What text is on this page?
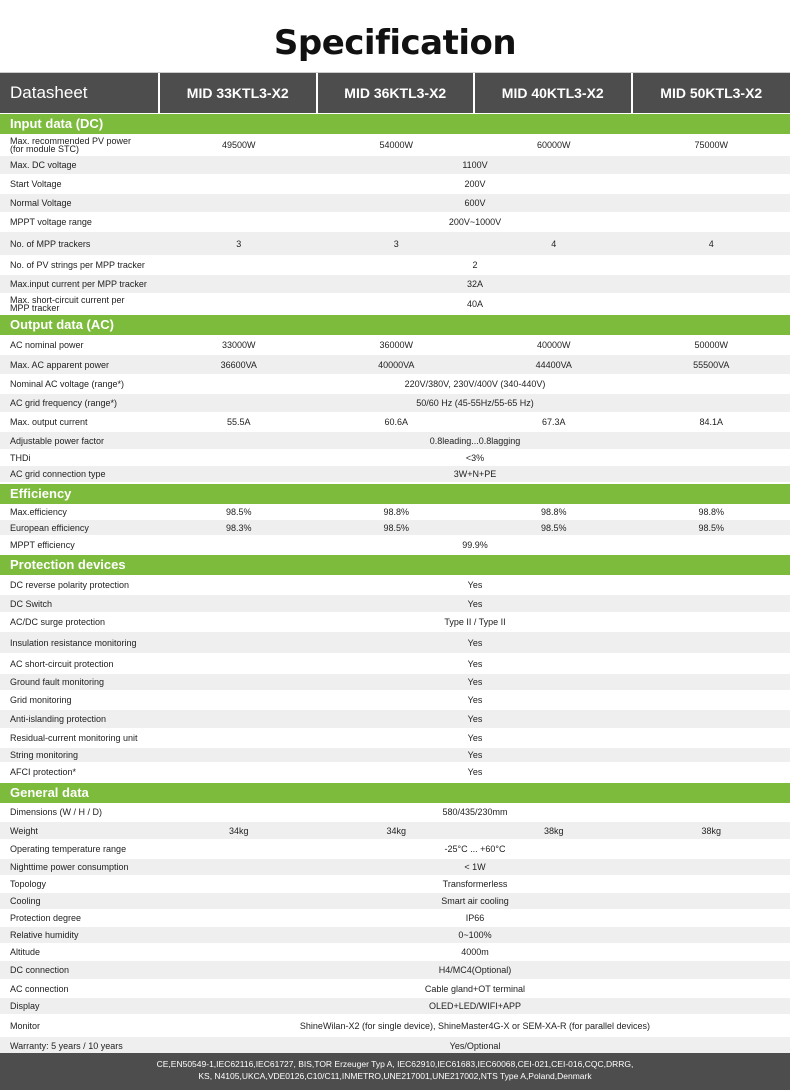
Specification
Datasheet	MID 33KTL3-X2	MID 36KTL3-X2	MID 40KTL3-X2	MID 50KTL3-X2
Input data (DC)
Max. recommended PV power
(for module STC)	49500W	54000W	60000W	75000W
Max. DC voltage	1100V
Start Voltage	200V
Normal Voltage	600V
MPPT voltage range	200V~1000V
No. of MPP trackers	3	3	4	4
No. of PV strings per MPP tracker	2
Max.input current per MPP tracker	32A
Max. short-circuit current per
MPP tracker	40A
Output data (AC)
AC nominal power	33000W	36000W	40000W	50000W
Max. AC apparent power	36600VA	40000VA	44400VA	55500VA
Nominal AC voltage (range*)	220V/380V, 230V/400V (340-440V)
AC grid frequency (range*)	50/60 Hz (45-55Hz/55-65 Hz)
Max. output current	55.5A	60.6A	67.3A	84.1A
Adjustable power factor	0.8leading...0.8lagging
THDi	<3%
AC grid connection type	3W+N+PE
Efficiency
Max.efficiency	98.5%	98.8%	98.8%	98.8%
European efficiency	98.3%	98.5%	98.5%	98.5%
MPPT efficiency	99.9%
Protection devices
DC reverse polarity protection	Yes
DC Switch	Yes
AC/DC surge protection	Type II / Type II
Insulation resistance monitoring	Yes
AC short-circuit protection	Yes
Ground fault monitoring	Yes
Grid monitoring	Yes
Anti-islanding protection	Yes
Residual-current monitoring unit	Yes
String monitoring	Yes
AFCI protection*	Yes
General data
Dimensions (W / H / D)	580/435/230mm
Weight	34kg	34kg	38kg	38kg
Operating temperature range	-25°C ... +60°C
Nighttime power consumption	< 1W
Topology	Transformerless
Cooling	Smart air cooling
Protection degree	IP66
Relative humidity	0~100%
Altitude	4000m
DC connection	H4/MC4(Optional)
AC connection	Cable gland+OT terminal
Display	OLED+LED/WIFI+APP
Monitor	ShineWilan-X2 (for single device), ShineMaster4G-X or SEM-XA-R (for parallel devices)
Warranty: 5 years / 10 years	Yes/Optional
CE,EN50549-1,IEC62116,IEC61727, BIS,TOR Erzeuger Typ A, IEC62910,IEC61683,IEC60068,CEI-021,CEI-016,CQC,DRRG,
KS, N4105,UKCA,VDE0126,C10/C11,INMETRO,UNE217001,UNE217002,NTS Type A,Poland,Denmark
